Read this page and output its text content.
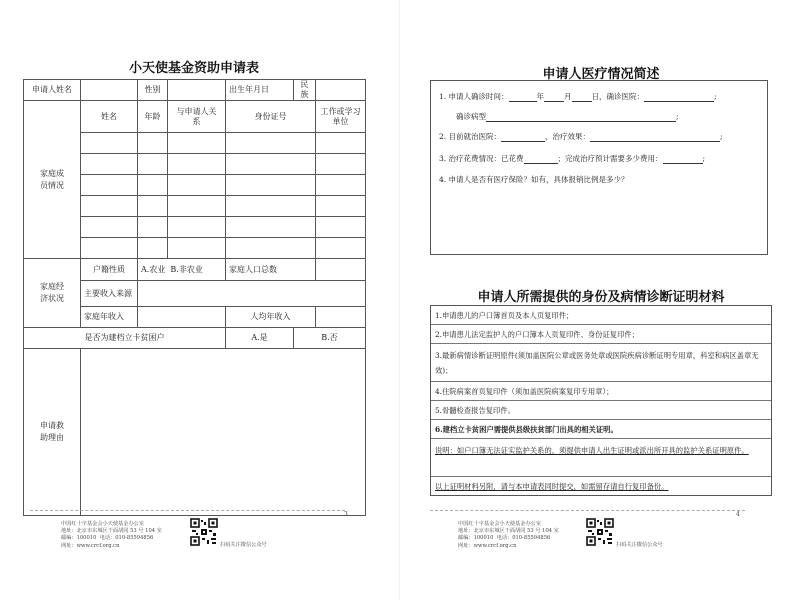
小天使基金资助申请表
申请人姓名		性别		出生年月日	民族	

家庭成员情况	姓名	年龄	与申请人关系	身份证号		工作或学习单位

家庭经济状况	户籍性质	A.农业 B.非农业		家庭人口总数		

	主要收入来源					

	家庭年收入			人均年收入		
是否为建档立卡贫困户				A.是	B.否	

申请救助理由						

3
中国红十字基金会小天使基金办公室
地址：北京市东城区干面胡同 53 号 104 室
邮编：100010 电话：010-85594856
网址：www.crcf.org.cn	扫码关注微信公众号
申请人医疗情况简述
1. 申请人确诊时间：	年	月	日，确诊医院：	;
确诊病型	;
2. 目前就治医院：	，治疗效果：	;
3. 治疗花费情况：已花费	；完成治疗预计需要多少费用：	;
4. 申请人是否有医疗保险？如有，具体报销比例是多少？
申请人所需提供的身份及病情诊断证明材料
1.申请患儿的户口簿首页及本人页复印件；
2.申请患儿法定监护人的户口簿本人页复印件、身份证复印件；
3.最新病情诊断证明原件(须加盖医院公章或医务处章或医院疾病诊断证明专用章，科室和病区盖章无效)；
4.住院病案首页复印件（须加盖医院病案复印专用章）；
5.骨髓检查报告复印件。
6.建档立卡贫困户需提供县级扶贫部门出具的相关证明。
说明：如户口簿无法证实监护关系的，须提供申请人出生证明或派出所开具的监护关系证明原件。
以上证明材料另附，请与本申请表同时提交，如需留存请自行复印备份。
4
中国红十字基金会小天使基金办公室
地址：北京市东城区干面胡同 53 号 104 室
邮编：100010 电话：010-85594856
网址：www.crcf.org.cn	扫码关注微信公众号
